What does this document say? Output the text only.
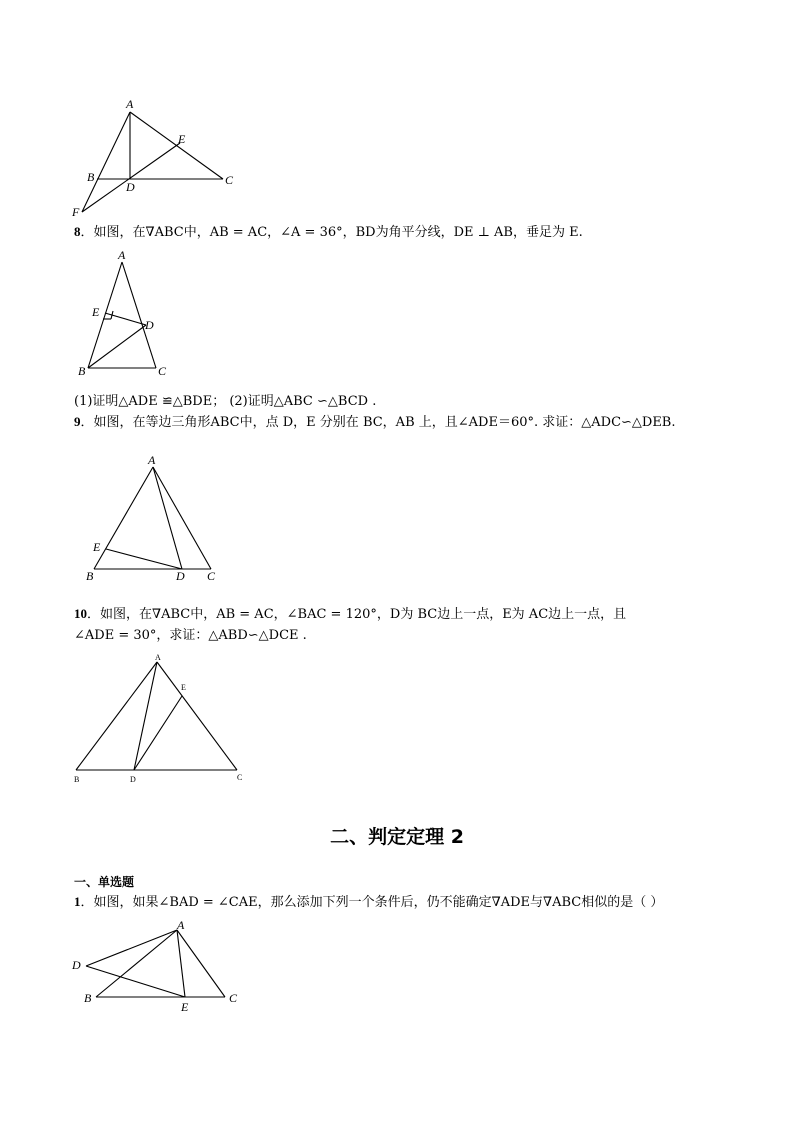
A
E
B
D	C
F
8．如图，在∇ABC中，AB = AC，∠A = 36°，BD为角平分线，DE ⊥ AB，垂足为 E.
A
E
D
B	C
(1)证明△ADE ≌△BDE； (2)证明△ABC ∽△BCD .
9．如图，在等边三角形ABC中，点 D，E 分别在 BC，AB 上，且∠ADE＝60°. 求证：△ADC∽△DEB.
A
E
B	D C
10．如图，在∇ABC中，AB = AC，∠BAC = 120°，D为 BC边上一点，E为 AC边上一点，且
∠ADE = 30°，求证：△ABD∽△DCE .
A
E
B	D	C
二、判定定理 2
一、单选题
1．如图，如果∠BAD = ∠CAE，那么添加下列一个条件后，仍不能确定∇ADE与∇ABC相似的是（ ）
A
D
B
E
C
